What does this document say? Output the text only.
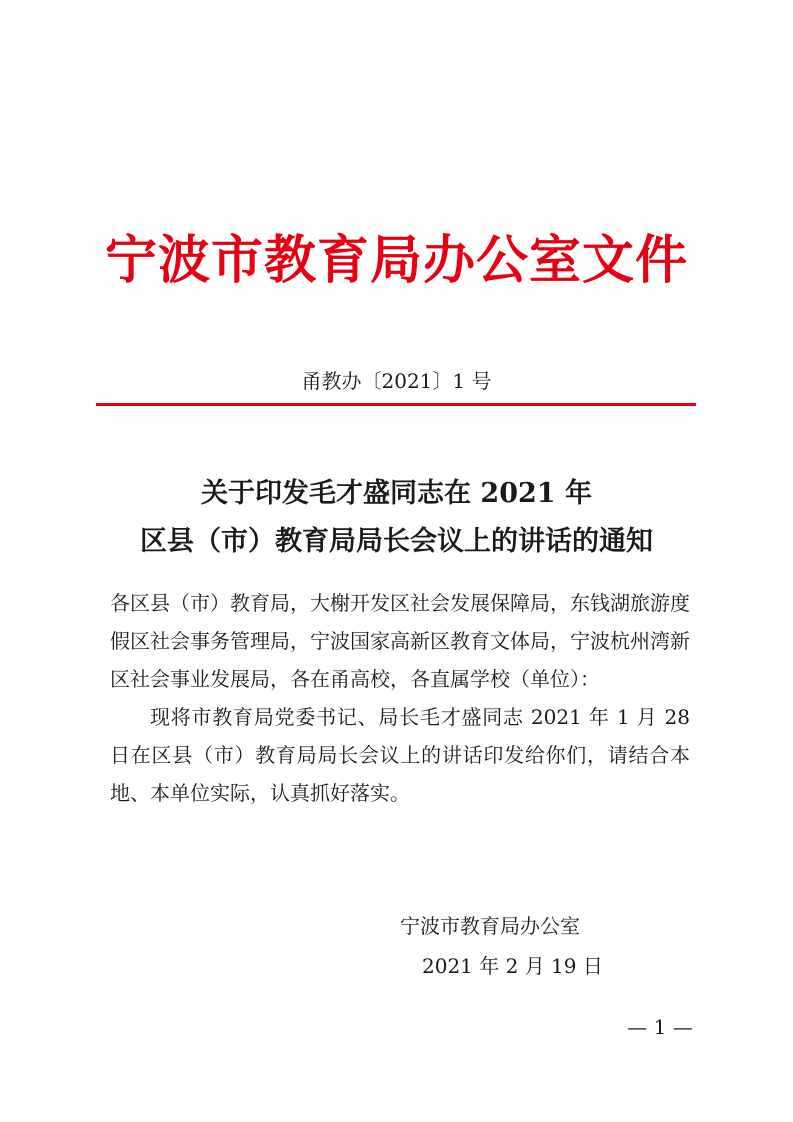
宁波市教育局办公室文件
甬教办〔2021〕1 号
关于印发毛才盛同志在 2021 年
区县（市）教育局局长会议上的讲话的通知

各区县（市）教育局，大榭开发区社会发展保障局，东钱湖旅游度假区社会事务管理局，宁波国家高新区教育文体局，宁波杭州湾新区社会事业发展局，各在甬高校，各直属学校（单位）：

现将市教育局党委书记、局长毛才盛同志 2021 年 1 月 28 日在区县（市）教育局局长会议上的讲话印发给你们，请结合本地、本单位实际，认真抓好落实。

宁波市教育局办公室
2021 年 2 月 19 日
— 1 —
